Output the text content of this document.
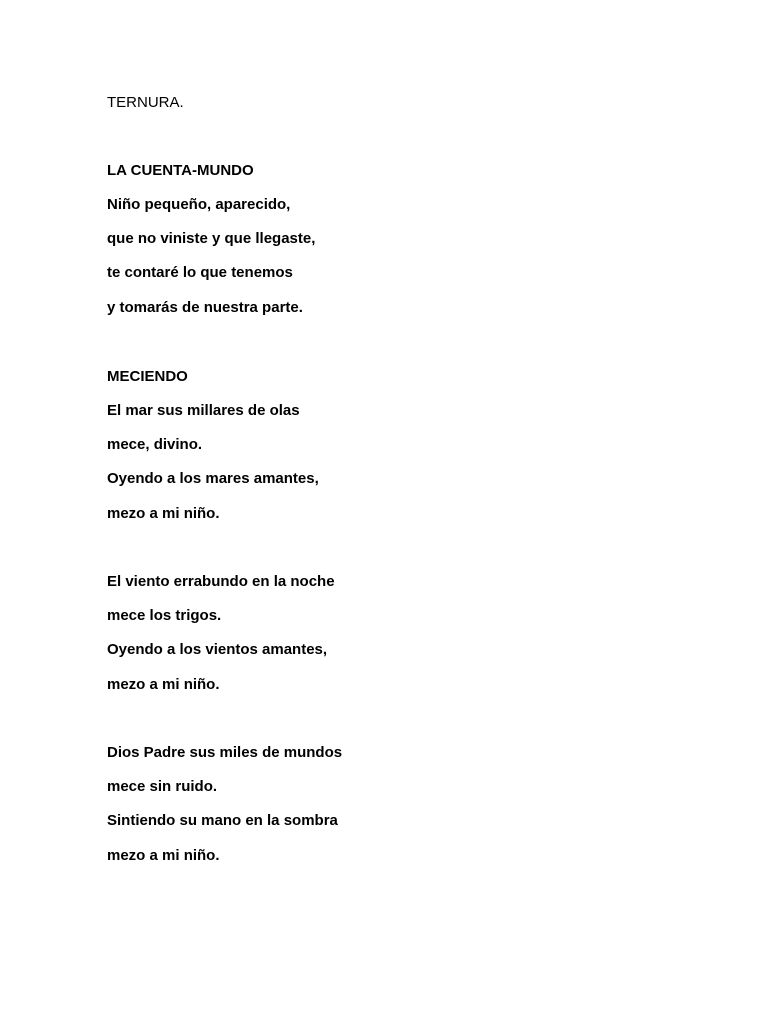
TERNURA.
LA CUENTA-MUNDO
Niño pequeño, aparecido,
que no viniste y que llegaste,
te contaré lo que tenemos
y tomarás de nuestra parte.
MECIENDO
El mar sus millares de olas
mece, divino.
Oyendo a los mares amantes,
mezo a mi niño.
El viento errabundo en la noche
mece los trigos.
Oyendo a los vientos amantes,
mezo a mi niño.
Dios Padre sus miles de mundos
mece sin ruido.
Sintiendo su mano en la sombra
mezo a mi niño.
